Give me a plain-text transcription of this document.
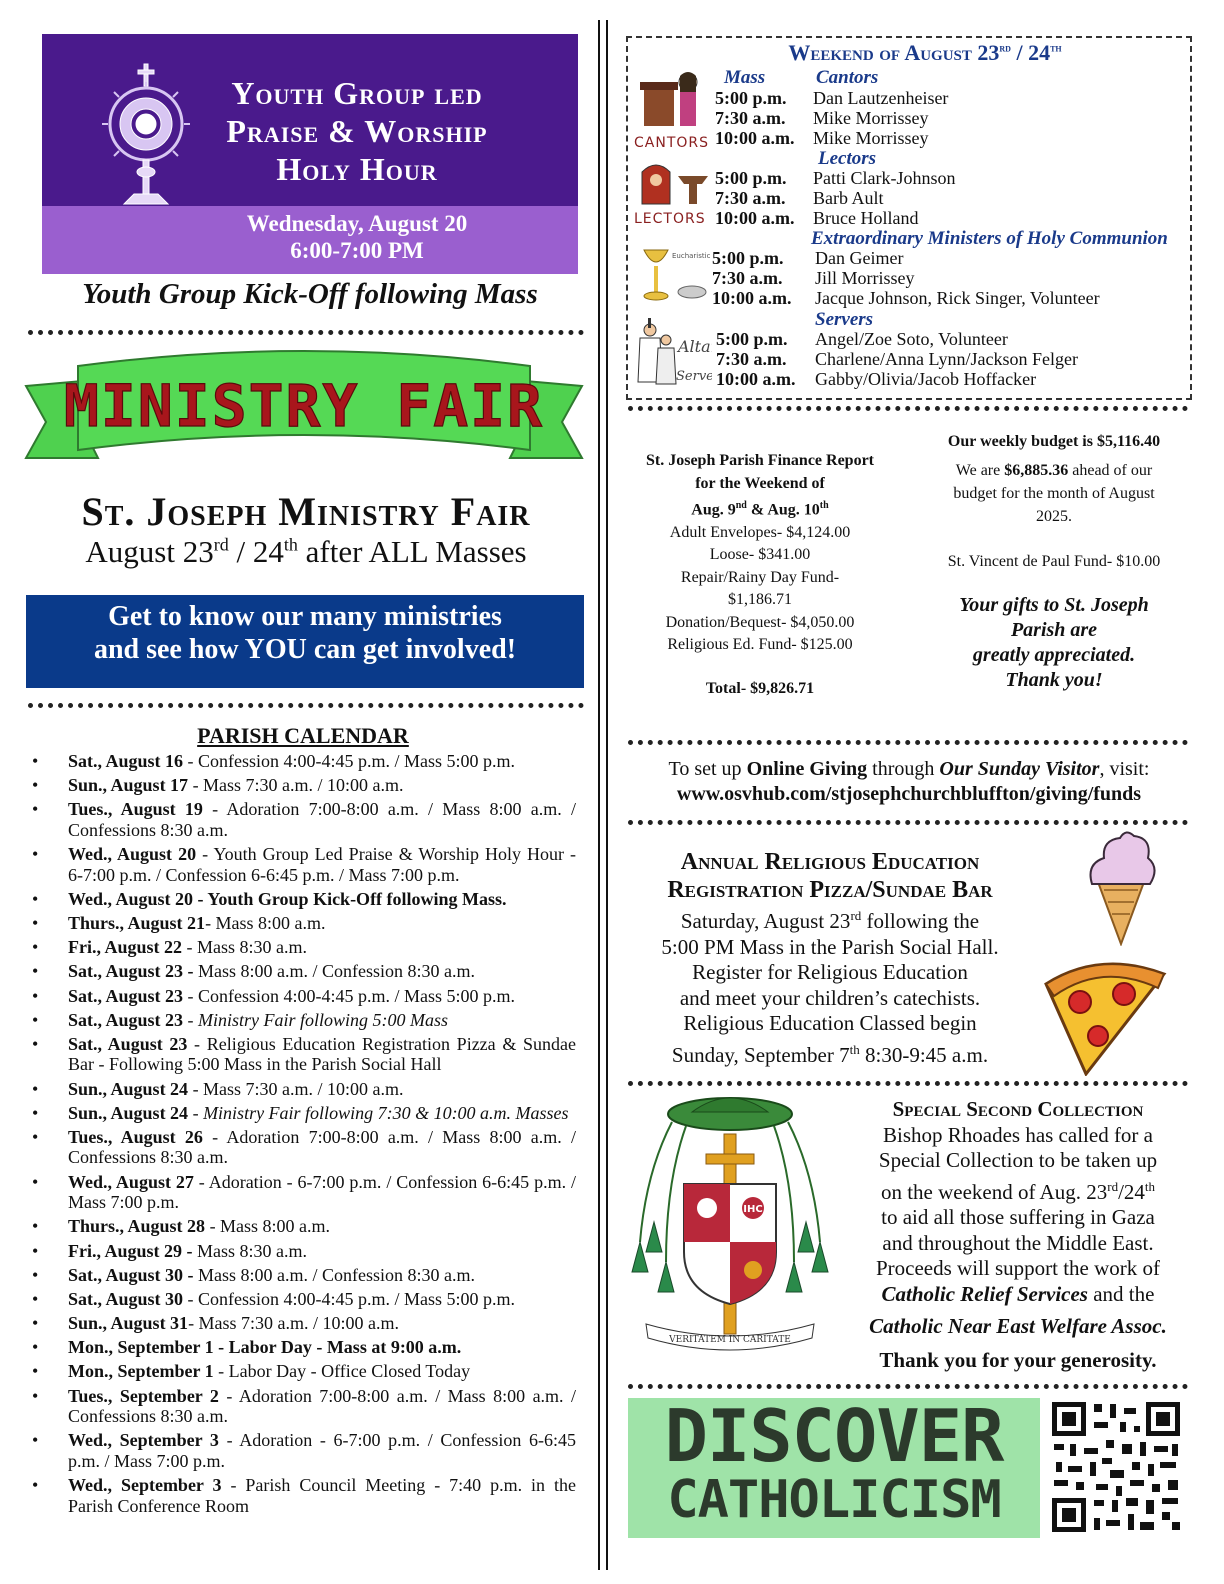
Youth Group led
Praise & Worship
Holy Hour
Wednesday, August 20
6:00-7:00 PM
Youth Group Kick-Off following Mass
MINISTRY FAIR
St. Joseph Ministry Fair
August 23rd / 24th after ALL Masses
Get to know our many ministries
and see how YOU can get involved!
PARISH CALENDAR
• Sat., August 16 - Confession 4:00-4:45 p.m. / Mass 5:00 p.m.
• Sun., August 17 - Mass 7:30 a.m. / 10:00 a.m.
• Tues., August 19 - Adoration 7:00-8:00 a.m. / Mass 8:00 a.m. / Confessions 8:30 a.m.
• Wed., August 20 - Youth Group Led Praise & Worship Holy Hour - 6-7:00 p.m. / Confession 6-6:45 p.m. / Mass 7:00 p.m.
• Wed., August 20 - Youth Group Kick-Off following Mass.
• Thurs., August 21- Mass 8:00 a.m.
• Fri., August 22 - Mass 8:30 a.m.
• Sat., August 23 - Mass 8:00 a.m. / Confession 8:30 a.m.
• Sat., August 23 - Confession 4:00-4:45 p.m. / Mass 5:00 p.m.
• Sat., August 23 - Ministry Fair following 5:00 Mass
• Sat., August 23 - Religious Education Registration Pizza & Sundae Bar - Following 5:00 Mass in the Parish Social Hall
• Sun., August 24 - Mass 7:30 a.m. / 10:00 a.m.
• Sun., August 24 - Ministry Fair following 7:30 & 10:00 a.m. Masses
• Tues., August 26 - Adoration 7:00-8:00 a.m. / Mass 8:00 a.m. / Confessions 8:30 a.m.
• Wed., August 27 - Adoration - 6-7:00 p.m. / Confession 6-6:45 p.m. / Mass 7:00 p.m.
• Thurs., August 28 - Mass 8:00 a.m.
• Fri., August 29 - Mass 8:30 a.m.
• Sat., August 30 - Mass 8:00 a.m. / Confession 8:30 a.m.
• Sat., August 30 - Confession 4:00-4:45 p.m. / Mass 5:00 p.m.
• Sun., August 31- Mass 7:30 a.m. / 10:00 a.m.
• Mon., September 1 - Labor Day - Mass at 9:00 a.m.
• Mon., September 1 - Labor Day - Office Closed Today
• Tues., September 2 - Adoration 7:00-8:00 a.m. / Mass 8:00 a.m. / Confessions 8:30 a.m.
• Wed., September 3 - Adoration - 6-7:00 p.m. / Confession 6-6:45 p.m. / Mass 7:00 p.m.
• Wed., September 3 - Parish Council Meeting - 7:40 p.m. in the Parish Conference Room
Weekend of August 23rd / 24th
Mass
CANTORS
LECTORS
Eucharistic
Alta
Serv
Cantors
5:00 p.m.	Dan Lautzenheiser
7:30 a.m.	Mike Morrissey
10:00 a.m.	Mike Morrissey
Lectors
5:00 p.m.	Patti Clark-Johnson
7:30 a.m.	Barb Ault
10:00 a.m.	Bruce Holland
Extraordinary Ministers of Holy Communion
5:00 p.m.	Dan Geimer
7:30 a.m.	Jill Morrissey
10:00 a.m.	Jacque Johnson, Rick Singer, Volunteer
Servers
5:00 p.m.	Angel/Zoe Soto, Volunteer
7:30 a.m.	Charlene/Anna Lynn/Jackson Felger
10:00 a.m.	Gabby/Olivia/Jacob Hoffacker
St. Joseph Parish Finance Report
for the Weekend of
Aug. 9nd & Aug. 10th
Adult Envelopes- $4,124.00
Loose- $341.00
Repair/Rainy Day Fund-
$1,186.71
Donation/Bequest- $4,050.00
Religious Ed. Fund- $125.00
Total- $9,826.71
Our weekly budget is $5,116.40
We are $6,885.36 ahead of our budget for the month of August 2025.
St. Vincent de Paul Fund- $10.00
Your gifts to St. Joseph
Parish are
greatly appreciated.
Thank you!
To set up Online Giving through Our Sunday Visitor, visit:
www.osvhub.com/stjosephchurchbluffton/giving/funds
Annual Religious Education
Registration Pizza/Sundae Bar
Saturday, August 23rd following the
5:00 PM Mass in the Parish Social Hall.
Register for Religious Education
and meet your children’s catechists.
Religious Education Classed begin
Sunday, September 7th 8:30-9:45 a.m.
IHC
VERITATEM IN CARITATE
Special Second Collection
Bishop Rhoades has called for a
Special Collection to be taken up
on the weekend of Aug. 23rd/24th
to aid all those suffering in Gaza
and throughout the Middle East.
Proceeds will support the work of
Catholic Relief Services and the
Catholic Near East Welfare Assoc.
Thank you for your generosity.
DISCOVER
CATHOLICISM
